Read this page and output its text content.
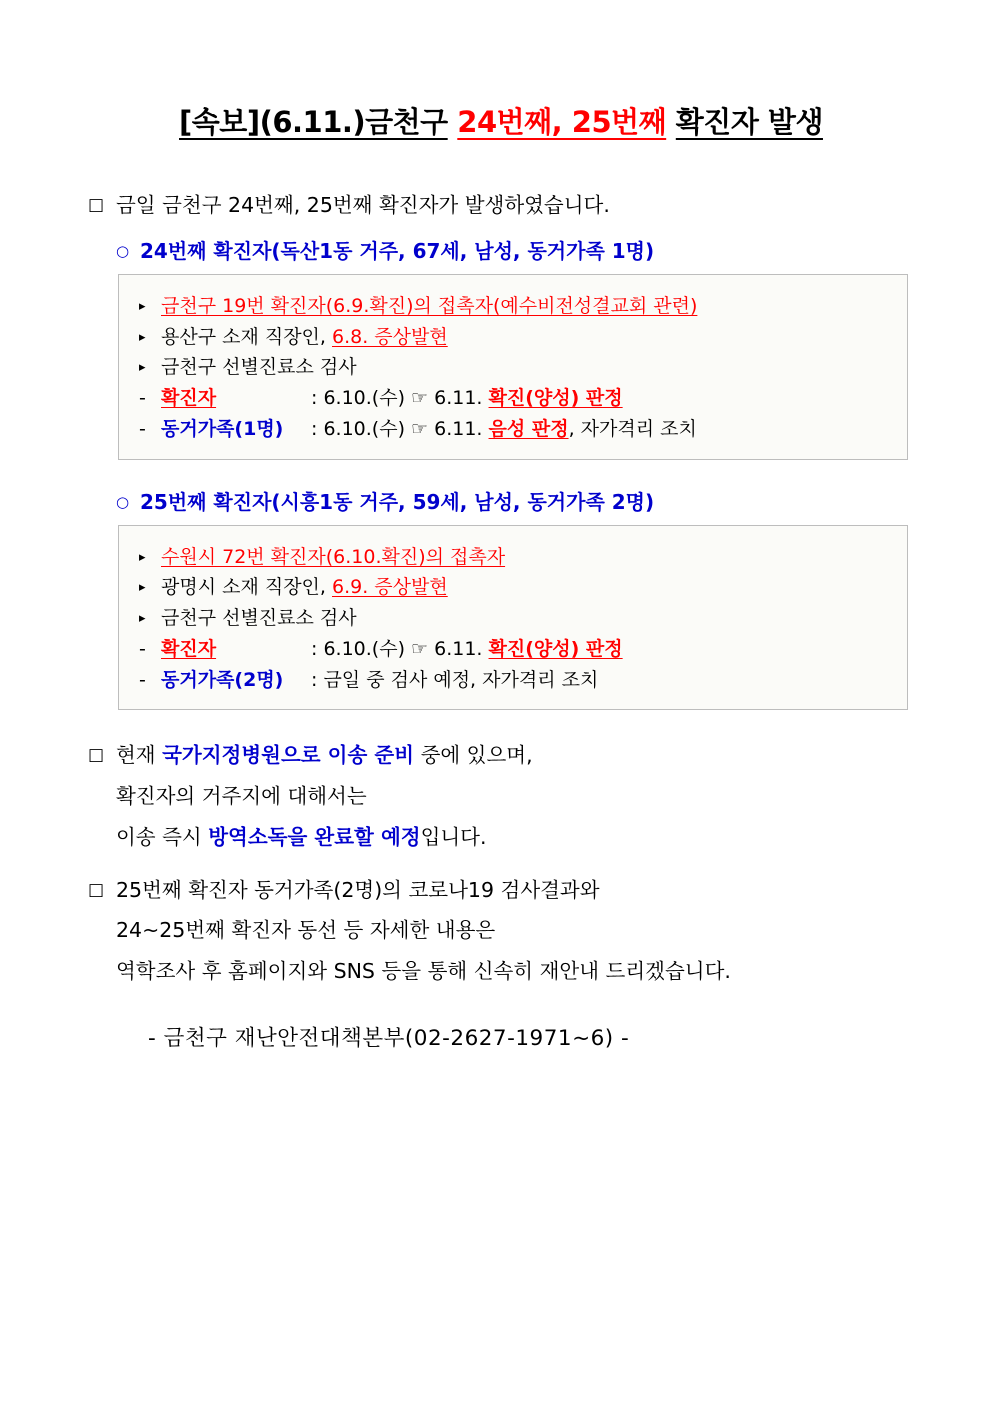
[속보](6.11.)금천구 24번째, 25번째 확진자 발생

□ 금일 금천구 24번째, 25번째 확진자가 발생하였습니다.

○ 24번째 확진자(독산1동 거주, 67세, 남성, 동거가족 1명)

▸ 금천구 19번 확진자(6.9.확진)의 접촉자(예수비전성결교회 관련)
▸ 용산구 소재 직장인, 6.8. 증상발현
▸ 금천구 선별진료소 검사
- 확진자	: 6.10.(수) ☞ 6.11. 확진(양성) 판정
- 동거가족(1명) : 6.10.(수) ☞ 6.11. 음성 판정, 자가격리 조치

○ 25번째 확진자(시흥1동 거주, 59세, 남성, 동거가족 2명)

▸ 수원시 72번 확진자(6.10.확진)의 접촉자
▸ 광명시 소재 직장인, 6.9. 증상발현
▸ 금천구 선별진료소 검사
- 확진자	: 6.10.(수) ☞ 6.11. 확진(양성) 판정
- 동거가족(2명) : 금일 중 검사 예정, 자가격리 조치

□ 현재 국가지정병원으로 이송 준비 중에 있으며,

확진자의 거주지에 대해서는

이송 즉시 방역소독을 완료할 예정입니다.

□ 25번째 확진자 동거가족(2명)의 코로나19 검사결과와

24~25번째 확진자 동선 등 자세한 내용은

역학조사 후 홈페이지와 SNS 등을 통해 신속히 재안내 드리겠습니다.

- 금천구 재난안전대책본부(02-2627-1971~6) -
